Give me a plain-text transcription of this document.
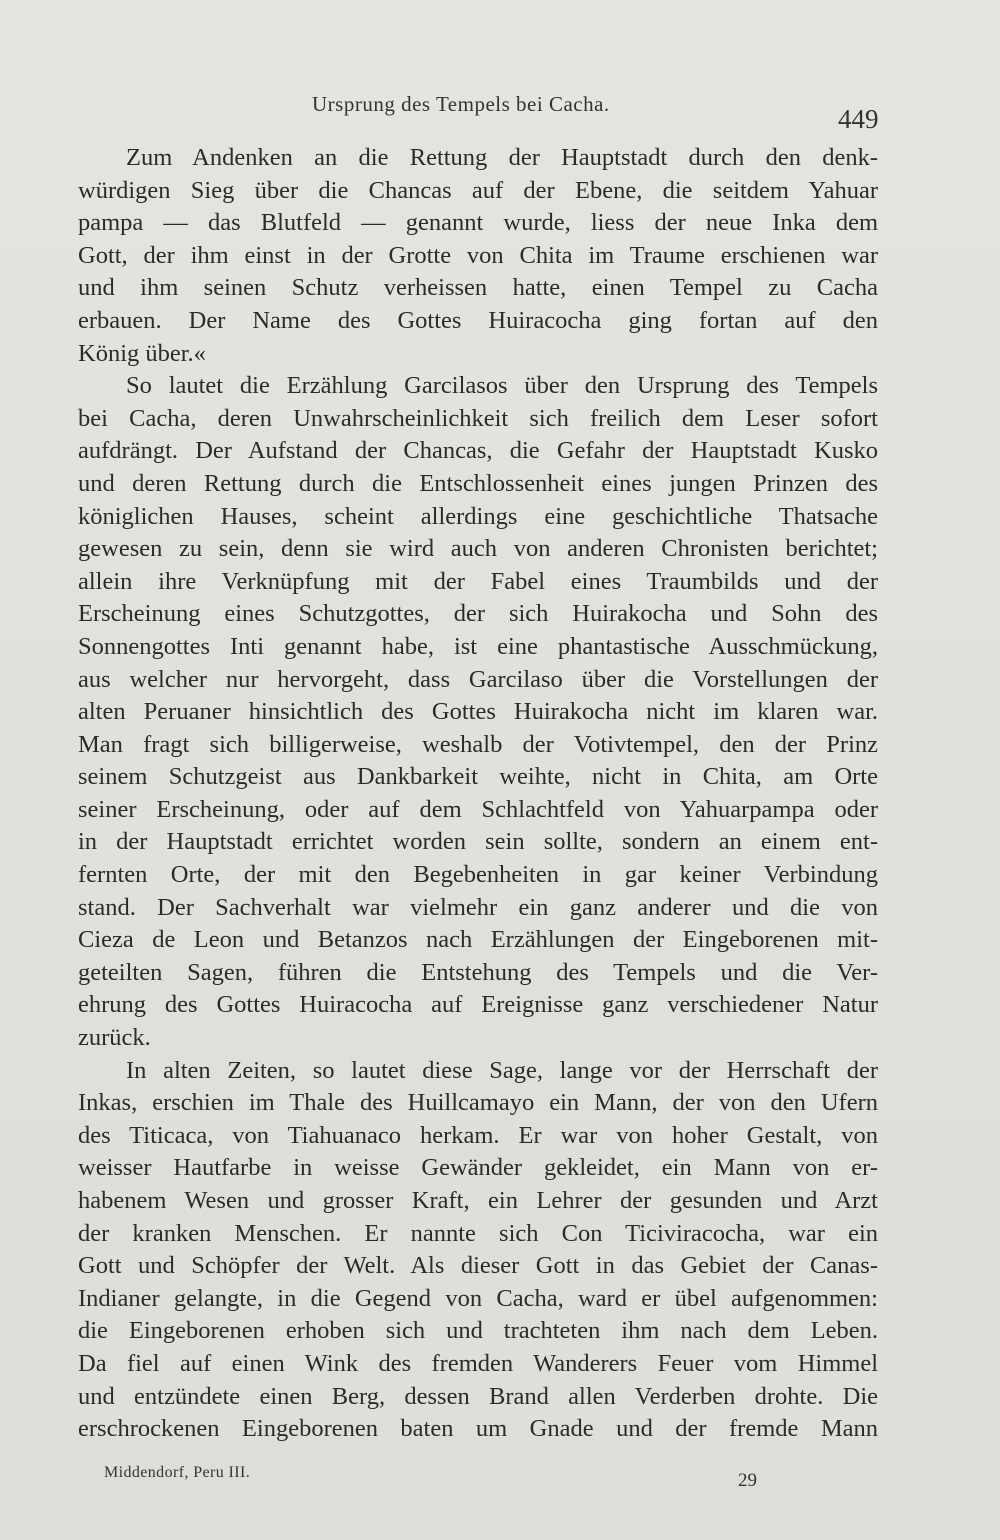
Ursprung des Tempels bei Cacha.	449
Zum Andenken an die Rettung der Hauptstadt durch den denk-
würdigen Sieg über die Chancas auf der Ebene, die seitdem Yahuar
pampa — das Blutfeld — genannt wurde, liess der neue Inka dem
Gott, der ihm einst in der Grotte von Chita im Traume erschienen war
und ihm seinen Schutz verheissen hatte, einen Tempel zu Cacha
erbauen. Der Name des Gottes Huiracocha ging fortan auf den
König über.«
So lautet die Erzählung Garcilasos über den Ursprung des Tempels
bei Cacha, deren Unwahrscheinlichkeit sich freilich dem Leser sofort
aufdrängt. Der Aufstand der Chancas, die Gefahr der Hauptstadt Kusko
und deren Rettung durch die Entschlossenheit eines jungen Prinzen des
königlichen Hauses, scheint allerdings eine geschichtliche Thatsache
gewesen zu sein, denn sie wird auch von anderen Chronisten berichtet;
allein ihre Verknüpfung mit der Fabel eines Traumbilds und der
Erscheinung eines Schutzgottes, der sich Huirakocha und Sohn des
Sonnengottes Inti genannt habe, ist eine phantastische Ausschmückung,
aus welcher nur hervorgeht, dass Garcilaso über die Vorstellungen der
alten Peruaner hinsichtlich des Gottes Huirakocha nicht im klaren war.
Man fragt sich billigerweise, weshalb der Votivtempel, den der Prinz
seinem Schutzgeist aus Dankbarkeit weihte, nicht in Chita, am Orte
seiner Erscheinung, oder auf dem Schlachtfeld von Yahuarpampa oder
in der Hauptstadt errichtet worden sein sollte, sondern an einem ent-
fernten Orte, der mit den Begebenheiten in gar keiner Verbindung
stand. Der Sachverhalt war vielmehr ein ganz anderer und die von
Cieza de Leon und Betanzos nach Erzählungen der Eingeborenen mit-
geteilten Sagen, führen die Entstehung des Tempels und die Ver-
ehrung des Gottes Huiracocha auf Ereignisse ganz verschiedener Natur
zurück.
In alten Zeiten, so lautet diese Sage, lange vor der Herrschaft der
Inkas, erschien im Thale des Huillcamayo ein Mann, der von den Ufern
des Titicaca, von Tiahuanaco herkam. Er war von hoher Gestalt, von
weisser Hautfarbe in weisse Gewänder gekleidet, ein Mann von er-
habenem Wesen und grosser Kraft, ein Lehrer der gesunden und Arzt
der kranken Menschen. Er nannte sich Con Ticiviracocha, war ein
Gott und Schöpfer der Welt. Als dieser Gott in das Gebiet der Canas-
Indianer gelangte, in die Gegend von Cacha, ward er übel aufgenommen:
die Eingeborenen erhoben sich und trachteten ihm nach dem Leben.
Da fiel auf einen Wink des fremden Wanderers Feuer vom Himmel
und entzündete einen Berg, dessen Brand allen Verderben drohte. Die
erschrockenen Eingeborenen baten um Gnade und der fremde Mann
Middendorf, Peru III.	29
